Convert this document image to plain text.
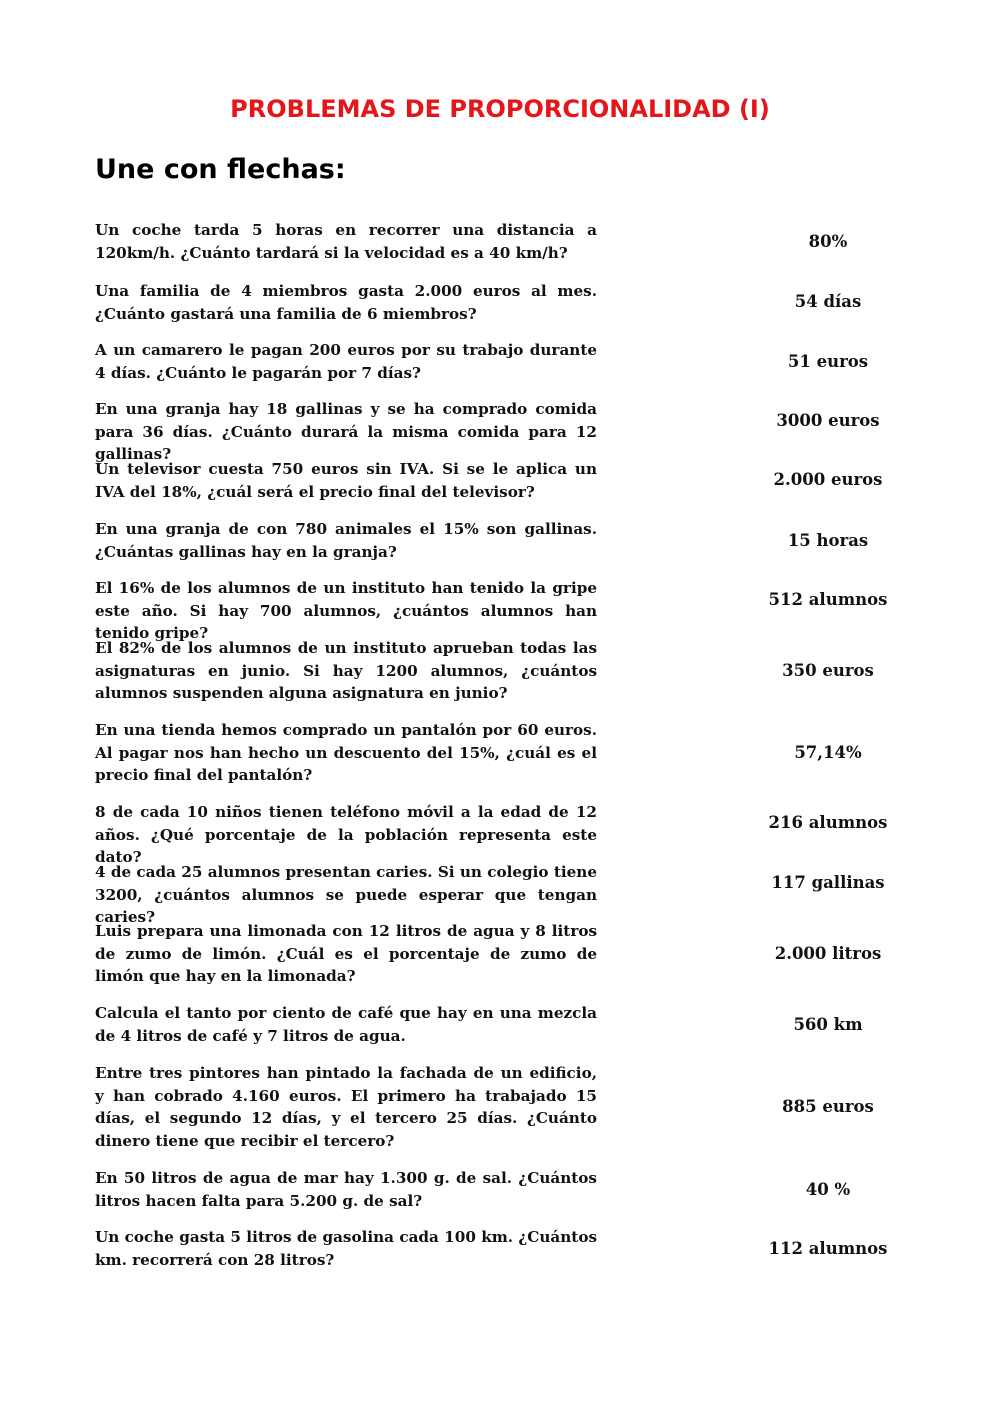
PROBLEMAS DE PROPORCIONALIDAD (I)
Une con flechas:
Un coche tarda 5 horas en recorrer una distancia a 120km/h. ¿Cuánto tardará si la velocidad es a 40 km/h?
80%
Una familia de 4 miembros gasta 2.000 euros al mes. ¿Cuánto gastará una familia de 6 miembros?
54 días
A un camarero le pagan 200 euros por su trabajo durante 4 días. ¿Cuánto le pagarán por 7 días?
51 euros
En una granja hay 18 gallinas y se ha comprado comida para 36 días. ¿Cuánto durará la misma comida para 12 gallinas?
3000 euros
Un televisor cuesta 750 euros sin IVA. Si se le aplica un IVA del 18%, ¿cuál será el precio final del televisor?
2.000 euros
En una granja de con 780 animales el 15% son gallinas. ¿Cuántas gallinas hay en la granja?
15 horas
El 16% de los alumnos de un instituto han tenido la gripe este año. Si hay 700 alumnos, ¿cuántos alumnos han tenido gripe?
512 alumnos
El 82% de los alumnos de un instituto aprueban todas las asignaturas en junio. Si hay 1200 alumnos, ¿cuántos alumnos suspenden alguna asignatura en junio?
350 euros
En una tienda hemos comprado un pantalón por 60 euros. Al pagar nos han hecho un descuento del 15%, ¿cuál es el precio final del pantalón?
57,14%
8 de cada 10 niños tienen teléfono móvil a la edad de 12 años. ¿Qué porcentaje de la población representa este dato?
216 alumnos
4 de cada 25 alumnos presentan caries. Si un colegio tiene 3200, ¿cuántos alumnos se puede esperar que tengan caries?
117 gallinas
Luis prepara una limonada con 12 litros de agua y 8 litros de zumo de limón. ¿Cuál es el porcentaje de zumo de limón que hay en la limonada?
2.000 litros
Calcula el tanto por ciento de café que hay en una mezcla de 4 litros de café y 7 litros de agua.
560 km
Entre tres pintores han pintado la fachada de un edificio, y han cobrado 4.160 euros. El primero ha trabajado 15 días, el segundo 12 días, y el tercero 25 días. ¿Cuánto dinero tiene que recibir el tercero?
885 euros
En 50 litros de agua de mar hay 1.300 g. de sal. ¿Cuántos litros hacen falta para 5.200 g. de sal?
40 %
Un coche gasta 5 litros de gasolina cada 100 km. ¿Cuántos km. recorrerá con 28 litros?
112 alumnos
